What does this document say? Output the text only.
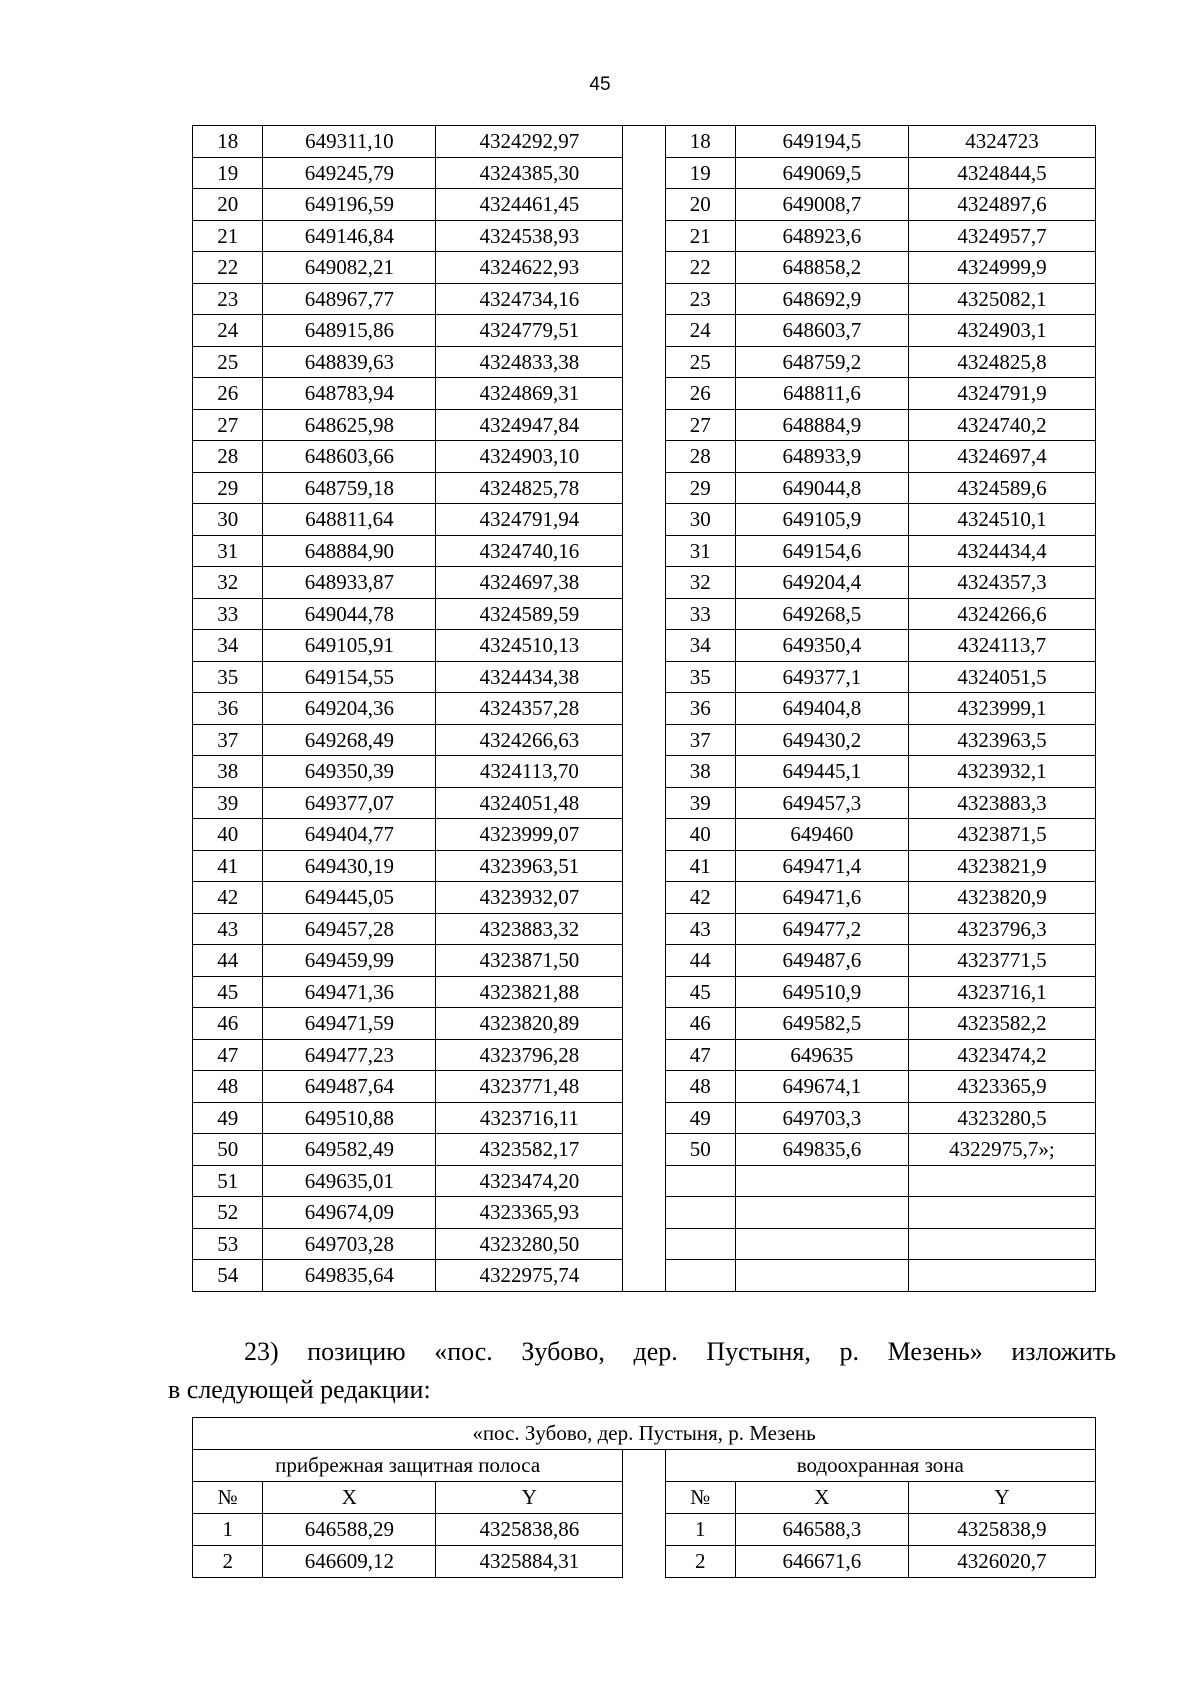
45
18	649311,10	4324292,97		18	649194,5	4324723
19	649245,79	4324385,30		19	649069,5	4324844,5
20	649196,59	4324461,45		20	649008,7	4324897,6
21	649146,84	4324538,93		21	648923,6	4324957,7
22	649082,21	4324622,93		22	648858,2	4324999,9
23	648967,77	4324734,16		23	648692,9	4325082,1
24	648915,86	4324779,51		24	648603,7	4324903,1
25	648839,63	4324833,38		25	648759,2	4324825,8
26	648783,94	4324869,31		26	648811,6	4324791,9
27	648625,98	4324947,84		27	648884,9	4324740,2
28	648603,66	4324903,10		28	648933,9	4324697,4
29	648759,18	4324825,78		29	649044,8	4324589,6
30	648811,64	4324791,94		30	649105,9	4324510,1
31	648884,90	4324740,16		31	649154,6	4324434,4
32	648933,87	4324697,38		32	649204,4	4324357,3
33	649044,78	4324589,59		33	649268,5	4324266,6
34	649105,91	4324510,13		34	649350,4	4324113,7
35	649154,55	4324434,38		35	649377,1	4324051,5
36	649204,36	4324357,28		36	649404,8	4323999,1
37	649268,49	4324266,63		37	649430,2	4323963,5
38	649350,39	4324113,70		38	649445,1	4323932,1
39	649377,07	4324051,48		39	649457,3	4323883,3
40	649404,77	4323999,07		40	649460	4323871,5
41	649430,19	4323963,51		41	649471,4	4323821,9
42	649445,05	4323932,07		42	649471,6	4323820,9
43	649457,28	4323883,32		43	649477,2	4323796,3
44	649459,99	4323871,50		44	649487,6	4323771,5
45	649471,36	4323821,88		45	649510,9	4323716,1
46	649471,59	4323820,89		46	649582,5	4323582,2
47	649477,23	4323796,28		47	649635	4323474,2
48	649487,64	4323771,48		48	649674,1	4323365,9
49	649510,88	4323716,11		49	649703,3	4323280,5
50	649582,49	4323582,17		50	649835,6	4322975,7»;
51	649635,01	4323474,20				
52	649674,09	4323365,93				
53	649703,28	4323280,50				
54	649835,64	4322975,74				
23) позицию «пос. Зубово, дер. Пустыня, р. Мезень» изложить
в следующей редакции:
«пос. Зубово, дер. Пустыня, р. Мезень						
прибрежная защитная полоса				водоохранная зона		
№	X	Y		№	X	Y
1	646588,29	4325838,86		1	646588,3	4325838,9
2	646609,12	4325884,31		2	646671,6	4326020,7
